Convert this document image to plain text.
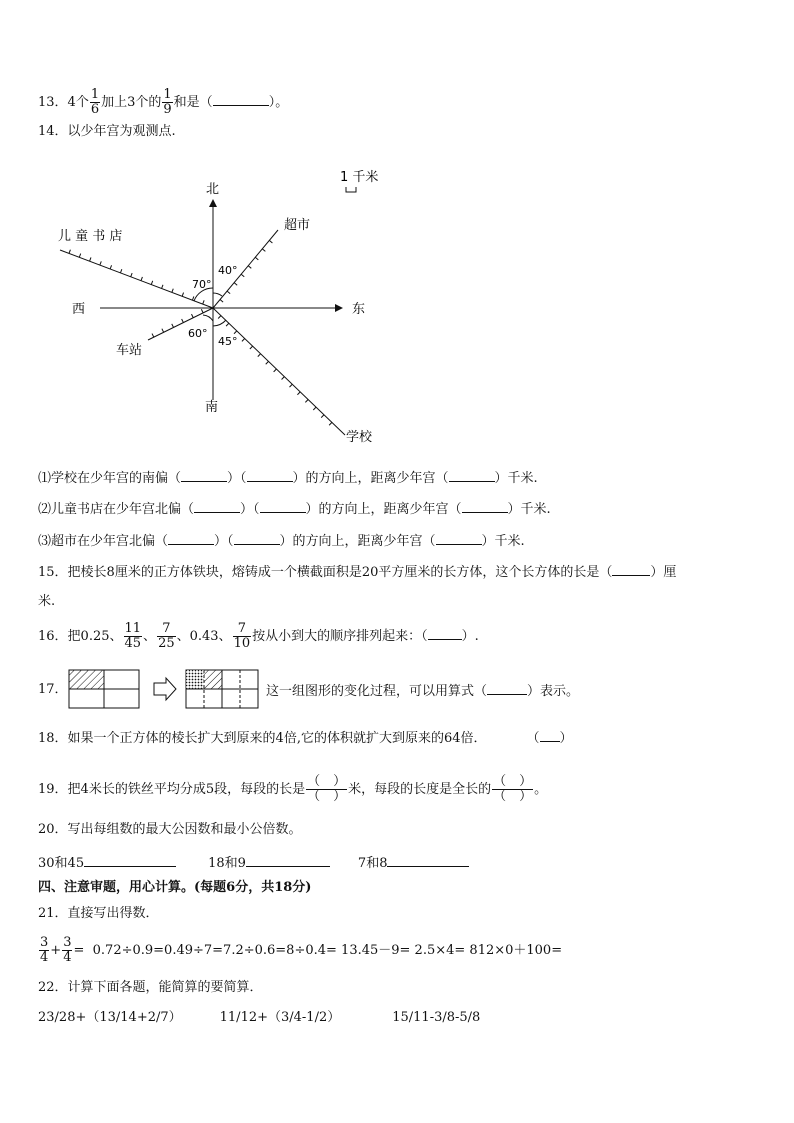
13．4个 $\frac{1}{6}$ 加上3个的 $\frac{1}{9}$ 和是（	）。
14．以少年宫为观测点.
1 千米
北
南
东
西
超市
儿 童 书 店
车站
学校
40°
70°
60°
45°
⑴学校在少年宫的南偏（	）（	）的方向上，距离少年宫（	）千米.
⑵儿童书店在少年宫北偏（	）（	）的方向上，距离少年宫（	）千米.
⑶超市在少年宫北偏（	）（	）的方向上，距离少年宫（	）千米.
15．把棱长8厘米的正方体铁块，熔铸成一个横截面积是20平方厘米的长方体，这个长方体的长是（	）厘
米.
16．把0.25、 $\frac{11}{45}$ 、 $\frac{7}{25}$ 、0.43、 $\frac{7}{10}$ 按从小到大的顺序排列起来：（	）.
17．	这一组图形的变化过程，可以用算式（	）表示。
18．如果一个正方体的棱长扩大到原来的4倍,它的体积就扩大到原来的64倍．	（ ）
19．把4米长的铁丝平均分成5段，每段的长是 $\frac{( )}{( )}$ 米，每段的长度是全长的 $\frac{( )}{( )}$ 。
20．写出每组数的最大公因数和最小公倍数。
30和45	18和9	7和8
四、注意审题，用心计算。(每题6分，共18分)
21．直接写出得数．
$\frac{3}{4} + \frac{3}{4} = 0.72\div 0.9=0.49\div 7=7.2\div 0.6=8\div 0.4= 13.45-9= 2.5\times 4= 812\times 0+100=$
22．计算下面各题，能简算的要简算．
23/28+（13/14+2/7）	11/12+（3/4-1/2）	15/11-3/8-5/8
